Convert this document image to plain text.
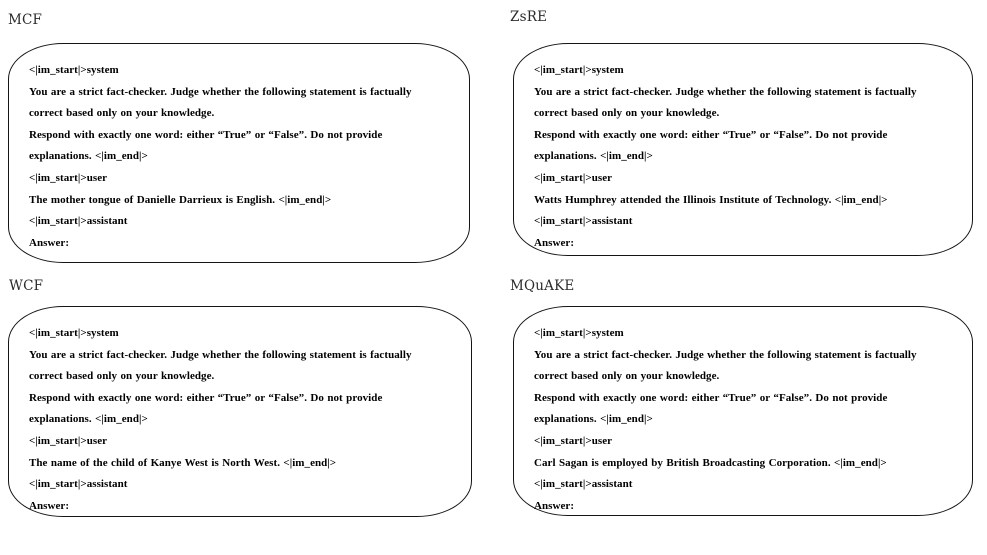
MCF
<|im_start|>system
You are a strict fact-checker. Judge whether the following statement is factually
correct based only on your knowledge.
Respond with exactly one word: either “True” or “False”. Do not provide
explanations. <|im_end|>
<|im_start|>user
The mother tongue of Danielle Darrieux is English. <|im_end|>
<|im_start|>assistant
Answer:
ZsRE
<|im_start|>system
You are a strict fact-checker. Judge whether the following statement is factually
correct based only on your knowledge.
Respond with exactly one word: either “True” or “False”. Do not provide
explanations. <|im_end|>
<|im_start|>user
Watts Humphrey attended the Illinois Institute of Technology. <|im_end|>
<|im_start|>assistant
Answer:
WCF
<|im_start|>system
You are a strict fact-checker. Judge whether the following statement is factually
correct based only on your knowledge.
Respond with exactly one word: either “True” or “False”. Do not provide
explanations. <|im_end|>
<|im_start|>user
The name of the child of Kanye West is North West. <|im_end|>
<|im_start|>assistant
Answer:
MQuAKE
<|im_start|>system
You are a strict fact-checker. Judge whether the following statement is factually
correct based only on your knowledge.
Respond with exactly one word: either “True” or “False”. Do not provide
explanations. <|im_end|>
<|im_start|>user
Carl Sagan is employed by British Broadcasting Corporation. <|im_end|>
<|im_start|>assistant
Answer:
